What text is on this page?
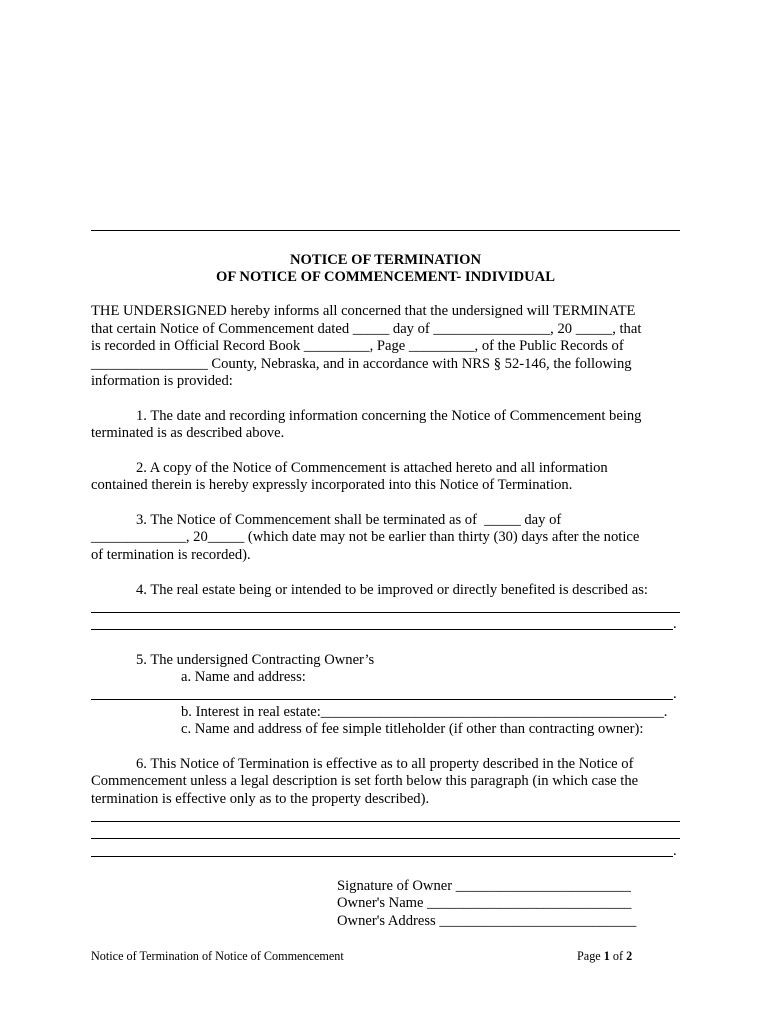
NOTICE OF TERMINATION
OF NOTICE OF COMMENCEMENT- INDIVIDUAL
THE UNDERSIGNED hereby informs all concerned that the undersigned will TERMINATE
that certain Notice of Commencement dated _____ day of ________________, 20 _____, that
is recorded in Official Record Book _________, Page _________, of the Public Records of
________________ County, Nebraska, and in accordance with NRS § 52-146, the following
information is provided:
1. The date and recording information concerning the Notice of Commencement being
terminated is as described above.
2. A copy of the Notice of Commencement is attached hereto and all information
contained therein is hereby expressly incorporated into this Notice of Termination.
3. The Notice of Commencement shall be terminated as of  _____ day of
_____________, 20_____ (which date may not be earlier than thirty (30) days after the notice
of termination is recorded).
4. The real estate being or intended to be improved or directly benefited is described as:
.
5. The undersigned Contracting Owner’s
a. Name and address:
.
b. Interest in real estate:_______________________________________________.
c. Name and address of fee simple titleholder (if other than contracting owner):
6. This Notice of Termination is effective as to all property described in the Notice of
Commencement unless a legal description is set forth below this paragraph (in which case the
termination is effective only as to the property described).
.
Signature of Owner ________________________
Owner's Name ____________________________
Owner's Address ___________________________
Notice of Termination of Notice of Commencement	Page 1 of 2
